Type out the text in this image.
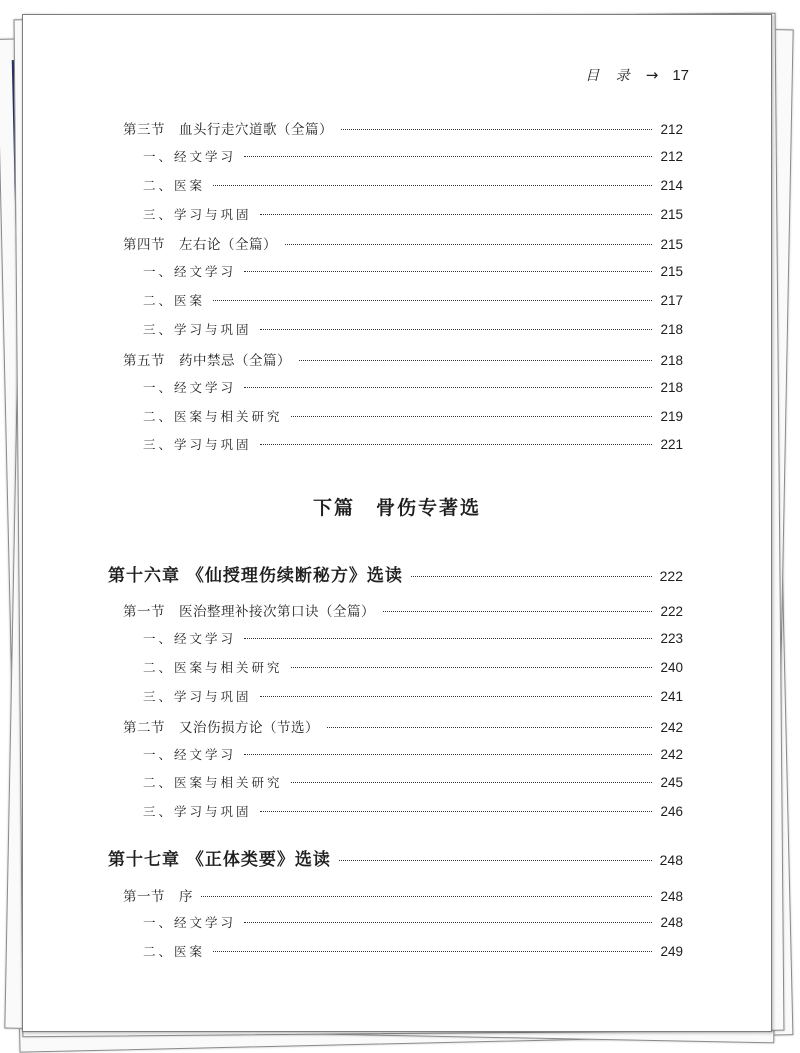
目 录 → 17
第三节　血头行走穴道歌（全篇）	212
一、经文学习	212
二、医案	214
三、学习与巩固	215
第四节　左右论（全篇）	215
一、经文学习	215
二、医案	217
三、学习与巩固	218
第五节　药中禁忌（全篇）	218
一、经文学习	218
二、医案与相关研究	219
三、学习与巩固	221
下篇　骨伤专著选
第十六章 《仙授理伤续断秘方》选读	222
第一节　医治整理补接次第口诀（全篇）	222
一、经文学习	223
二、医案与相关研究	240
三、学习与巩固	241
第二节　又治伤损方论（节选）	242
一、经文学习	242
二、医案与相关研究	245
三、学习与巩固	246
第十七章 《正体类要》选读	248
第一节　序	248
一、经文学习	248
二、医案	249
